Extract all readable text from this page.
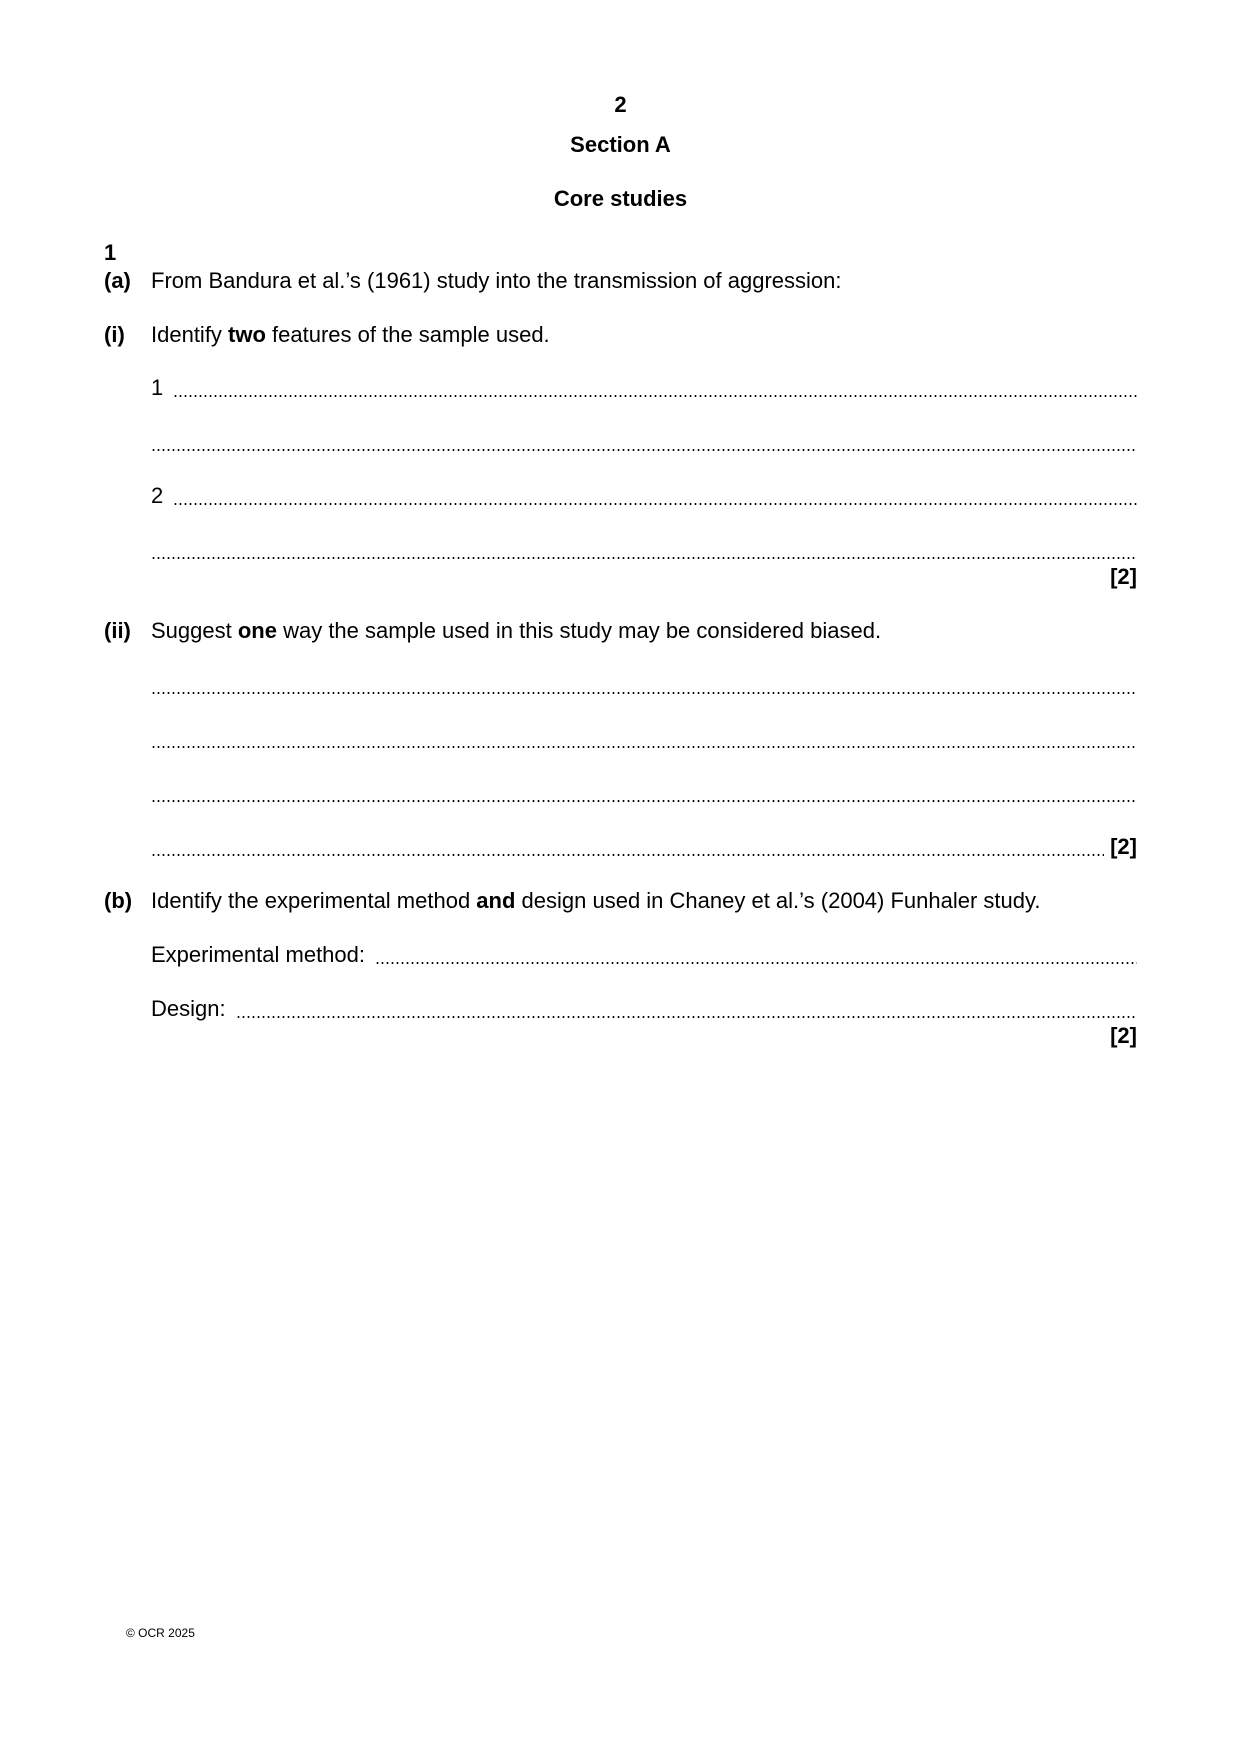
2
Section A
Core studies
1
(a) From Bandura et al.’s (1961) study into the transmission of aggression:
(i) Identify two features of the sample used.
1
2
[2]
(ii) Suggest one way the sample used in this study may be considered biased.
[2]
(b) Identify the experimental method and design used in Chaney et al.’s (2004) Funhaler study.
Experimental method:
Design:
[2]
© OCR 2025
